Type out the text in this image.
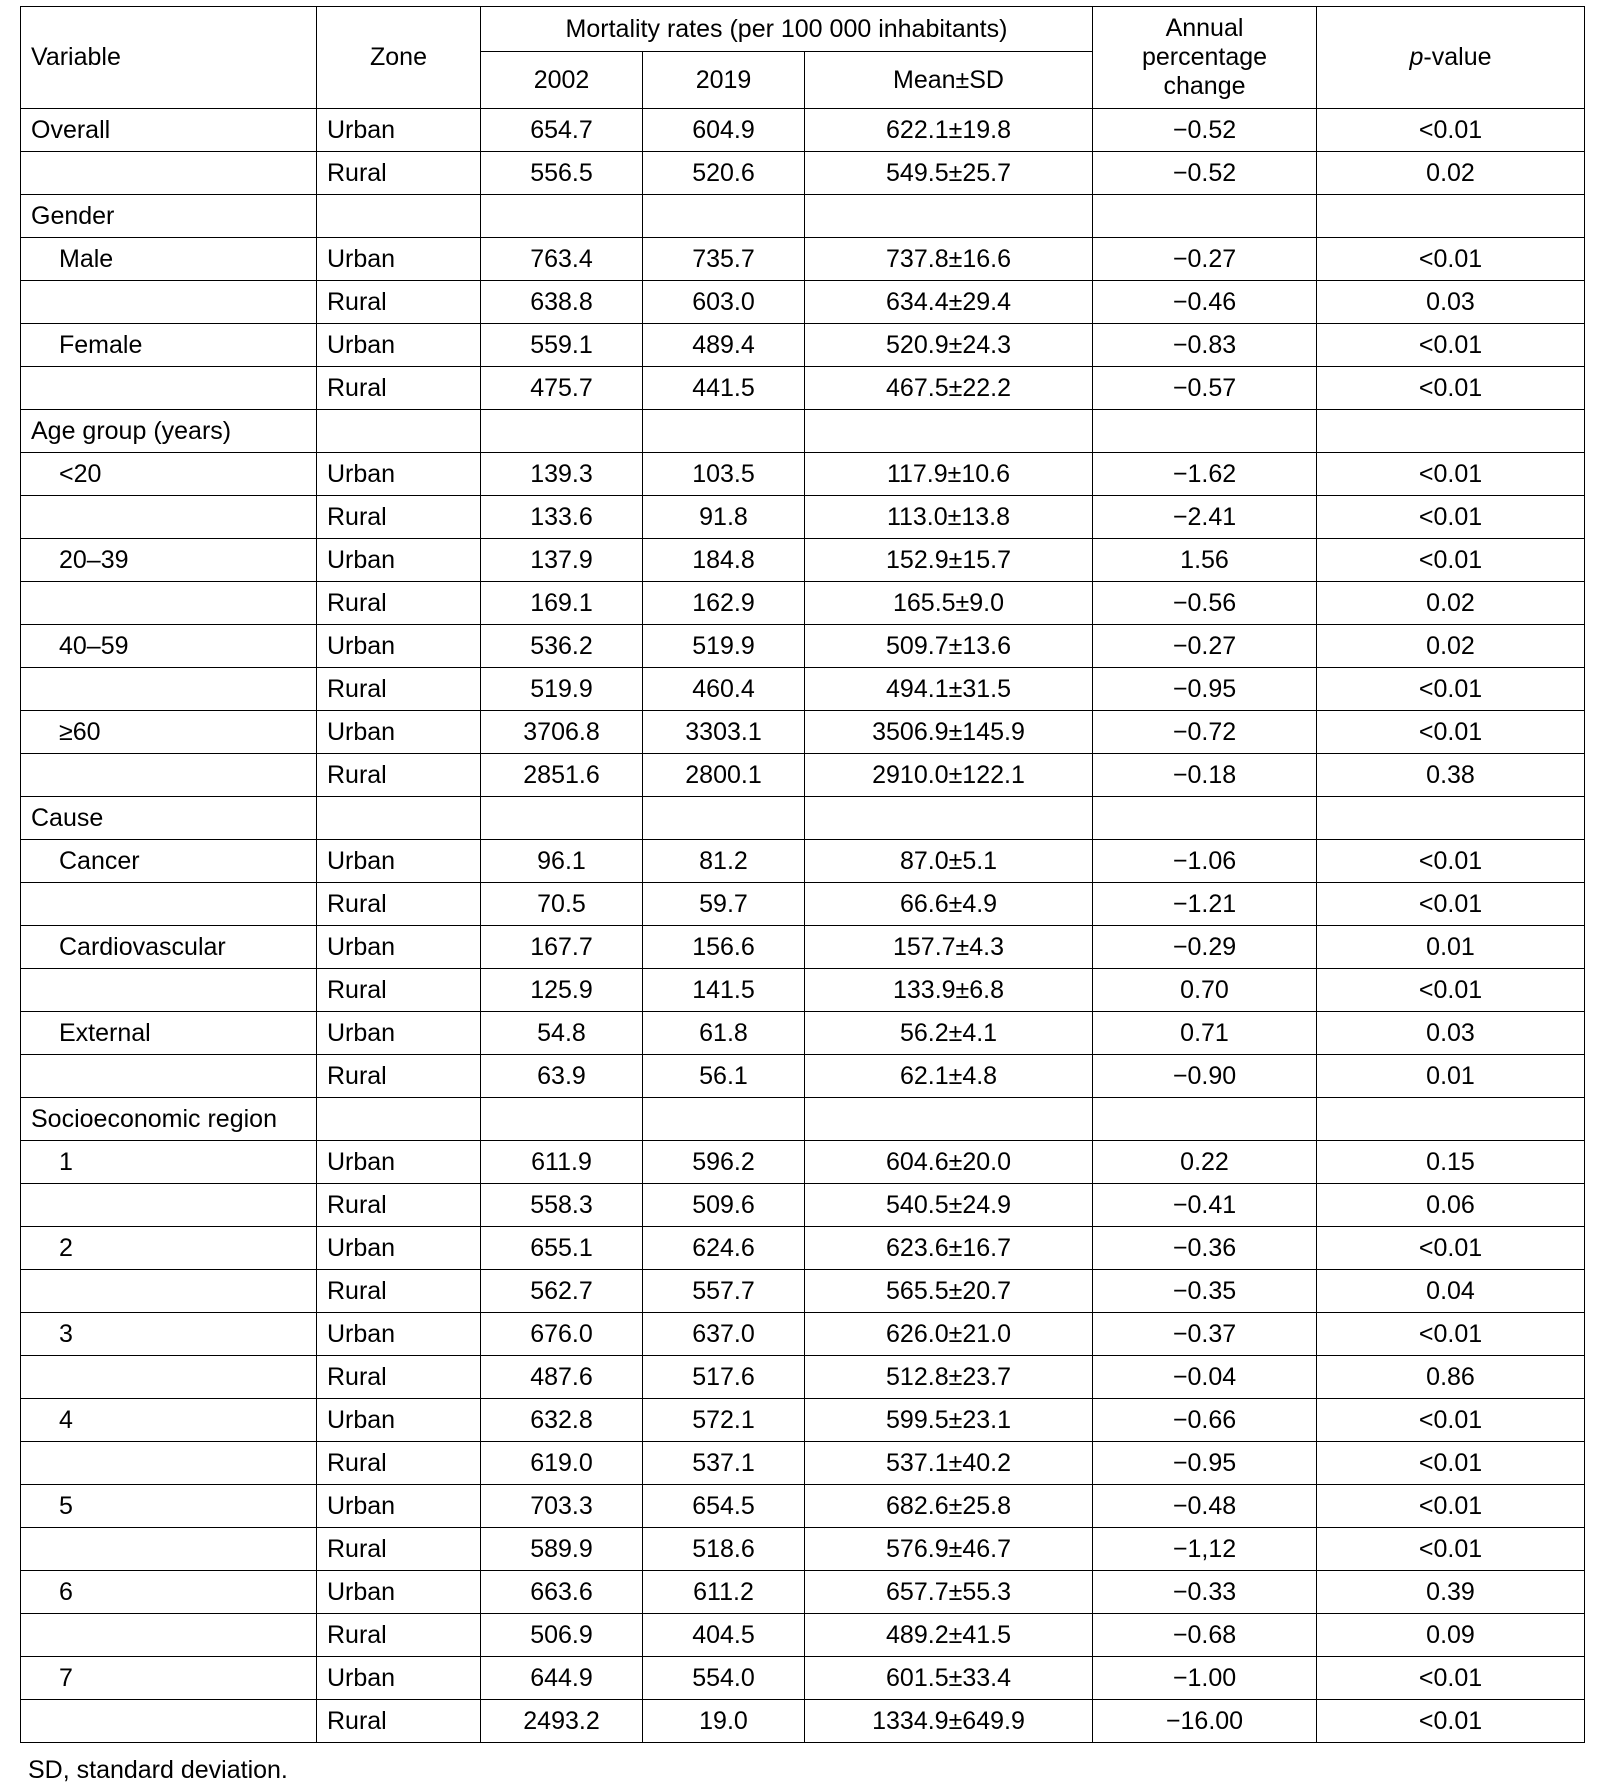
Variable	Zone	Mortality rates (per 100 000 inhabitants)			Annual percentage change	p-value
		2002	2019	Mean±SD		
Overall	Urban	654.7	604.9	622.1±19.8	−0.52	<0.01
	Rural	556.5	520.6	549.5±25.7	−0.52	0.02
Gender						
Male	Urban	763.4	735.7	737.8±16.6	−0.27	<0.01
	Rural	638.8	603.0	634.4±29.4	−0.46	0.03
Female	Urban	559.1	489.4	520.9±24.3	−0.83	<0.01
	Rural	475.7	441.5	467.5±22.2	−0.57	<0.01
Age group (years)						
<20	Urban	139.3	103.5	117.9±10.6	−1.62	<0.01
	Rural	133.6	91.8	113.0±13.8	−2.41	<0.01
20–39	Urban	137.9	184.8	152.9±15.7	1.56	<0.01
	Rural	169.1	162.9	165.5±9.0	−0.56	0.02
40–59	Urban	536.2	519.9	509.7±13.6	−0.27	0.02
	Rural	519.9	460.4	494.1±31.5	−0.95	<0.01
≥60	Urban	3706.8	3303.1	3506.9±145.9	−0.72	<0.01
	Rural	2851.6	2800.1	2910.0±122.1	−0.18	0.38
Cause						
Cancer	Urban	96.1	81.2	87.0±5.1	−1.06	<0.01
	Rural	70.5	59.7	66.6±4.9	−1.21	<0.01
Cardiovascular	Urban	167.7	156.6	157.7±4.3	−0.29	0.01
	Rural	125.9	141.5	133.9±6.8	0.70	<0.01
External	Urban	54.8	61.8	56.2±4.1	0.71	0.03
	Rural	63.9	56.1	62.1±4.8	−0.90	0.01
Socioeconomic region						
1	Urban	611.9	596.2	604.6±20.0	0.22	0.15
	Rural	558.3	509.6	540.5±24.9	−0.41	0.06
2	Urban	655.1	624.6	623.6±16.7	−0.36	<0.01
	Rural	562.7	557.7	565.5±20.7	−0.35	0.04
3	Urban	676.0	637.0	626.0±21.0	−0.37	<0.01
	Rural	487.6	517.6	512.8±23.7	−0.04	0.86
4	Urban	632.8	572.1	599.5±23.1	−0.66	<0.01
	Rural	619.0	537.1	537.1±40.2	−0.95	<0.01
5	Urban	703.3	654.5	682.6±25.8	−0.48	<0.01
	Rural	589.9	518.6	576.9±46.7	−1,12	<0.01
6	Urban	663.6	611.2	657.7±55.3	−0.33	0.39
	Rural	506.9	404.5	489.2±41.5	−0.68	0.09
7	Urban	644.9	554.0	601.5±33.4	−1.00	<0.01
	Rural	2493.2	19.0	1334.9±649.9	−16.00	<0.01
SD, standard deviation.
